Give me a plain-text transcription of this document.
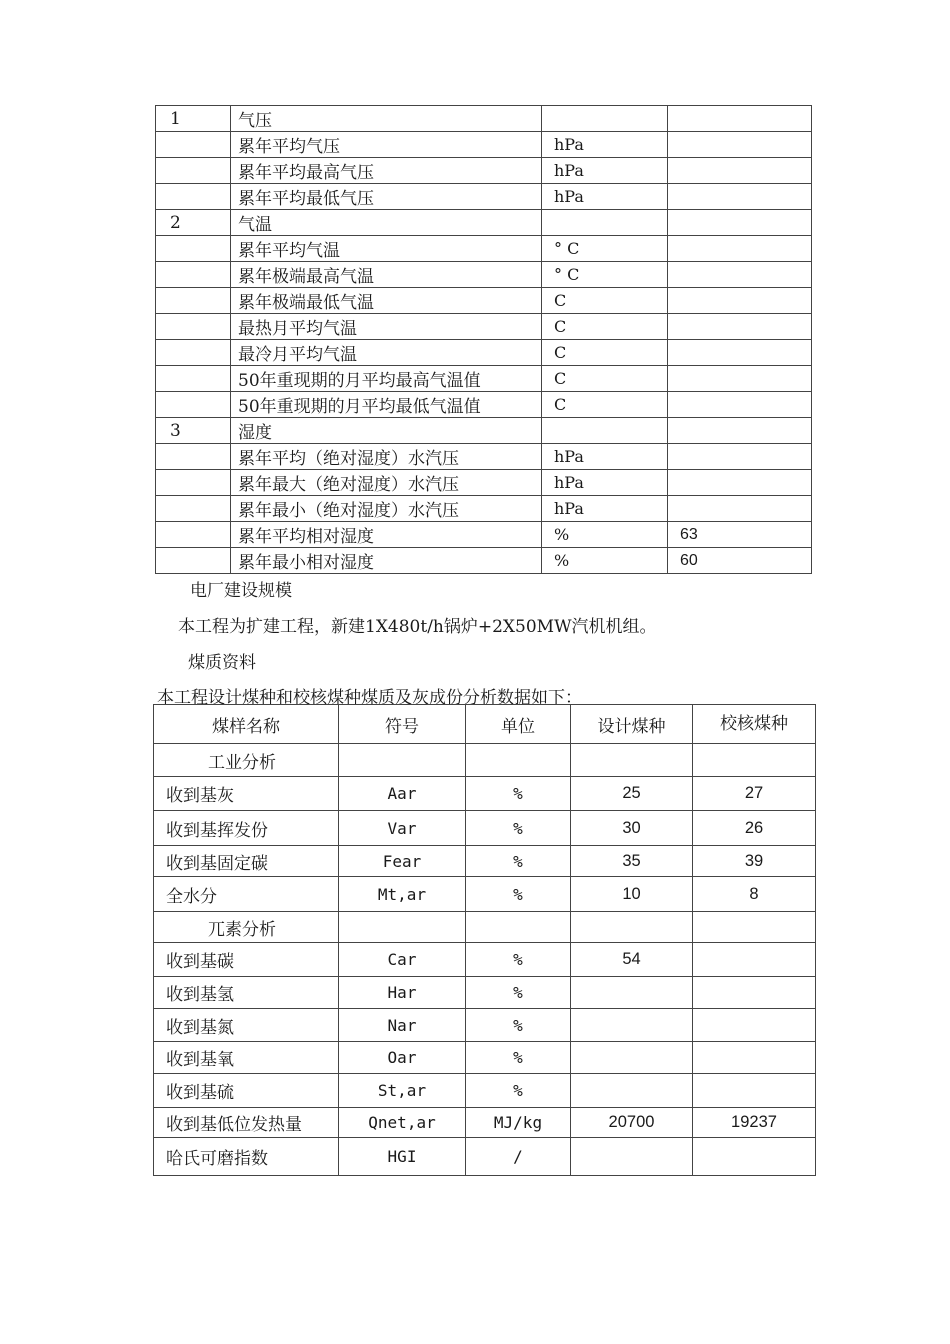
1	气压		
	累年平均气压	hPa	
	累年平均最高气压	hPa	
	累年平均最低气压	hPa	
2	气温		
	累年平均气温	° C	
	累年极端最高气温	° C	
	累年极端最低气温	C	
	最热月平均气温	C	
	最冷月平均气温	C	
	50年重现期的月平均最高气温值	C	
	50年重现期的月平均最低气温值	C	
3	湿度		
	累年平均（绝对湿度）水汽压	hPa	
	累年最大（绝对湿度）水汽压	hPa	
	累年最小（绝对湿度）水汽压	hPa	
	累年平均相对湿度	%	63
	累年最小相对湿度	%	60
电厂建设规模
本工程为扩建工程，新建1X480t/h锅炉+2X50MW汽机机组。
煤质资料
本工程设计煤种和校核煤种煤质及灰成份分析数据如下：
煤样名称	符号	单位	设计煤种	校核煤种
工业分析				
收到基灰	Aar	%	25	27
收到基挥发份	Var	%	30	26
收到基固定碳	Fear	%	35	39
全水分	Mt,ar	%	10	8
兀素分析				
收到基碳	Car	%	54	
收到基氢	Har	%		
收到基氮	Nar	%		
收到基氧	Oar	%		
收到基硫	St,ar	%		
收到基低位发热量	Qnet,ar	MJ/kg	20700	19237
哈氏可磨指数	HGI	/		
